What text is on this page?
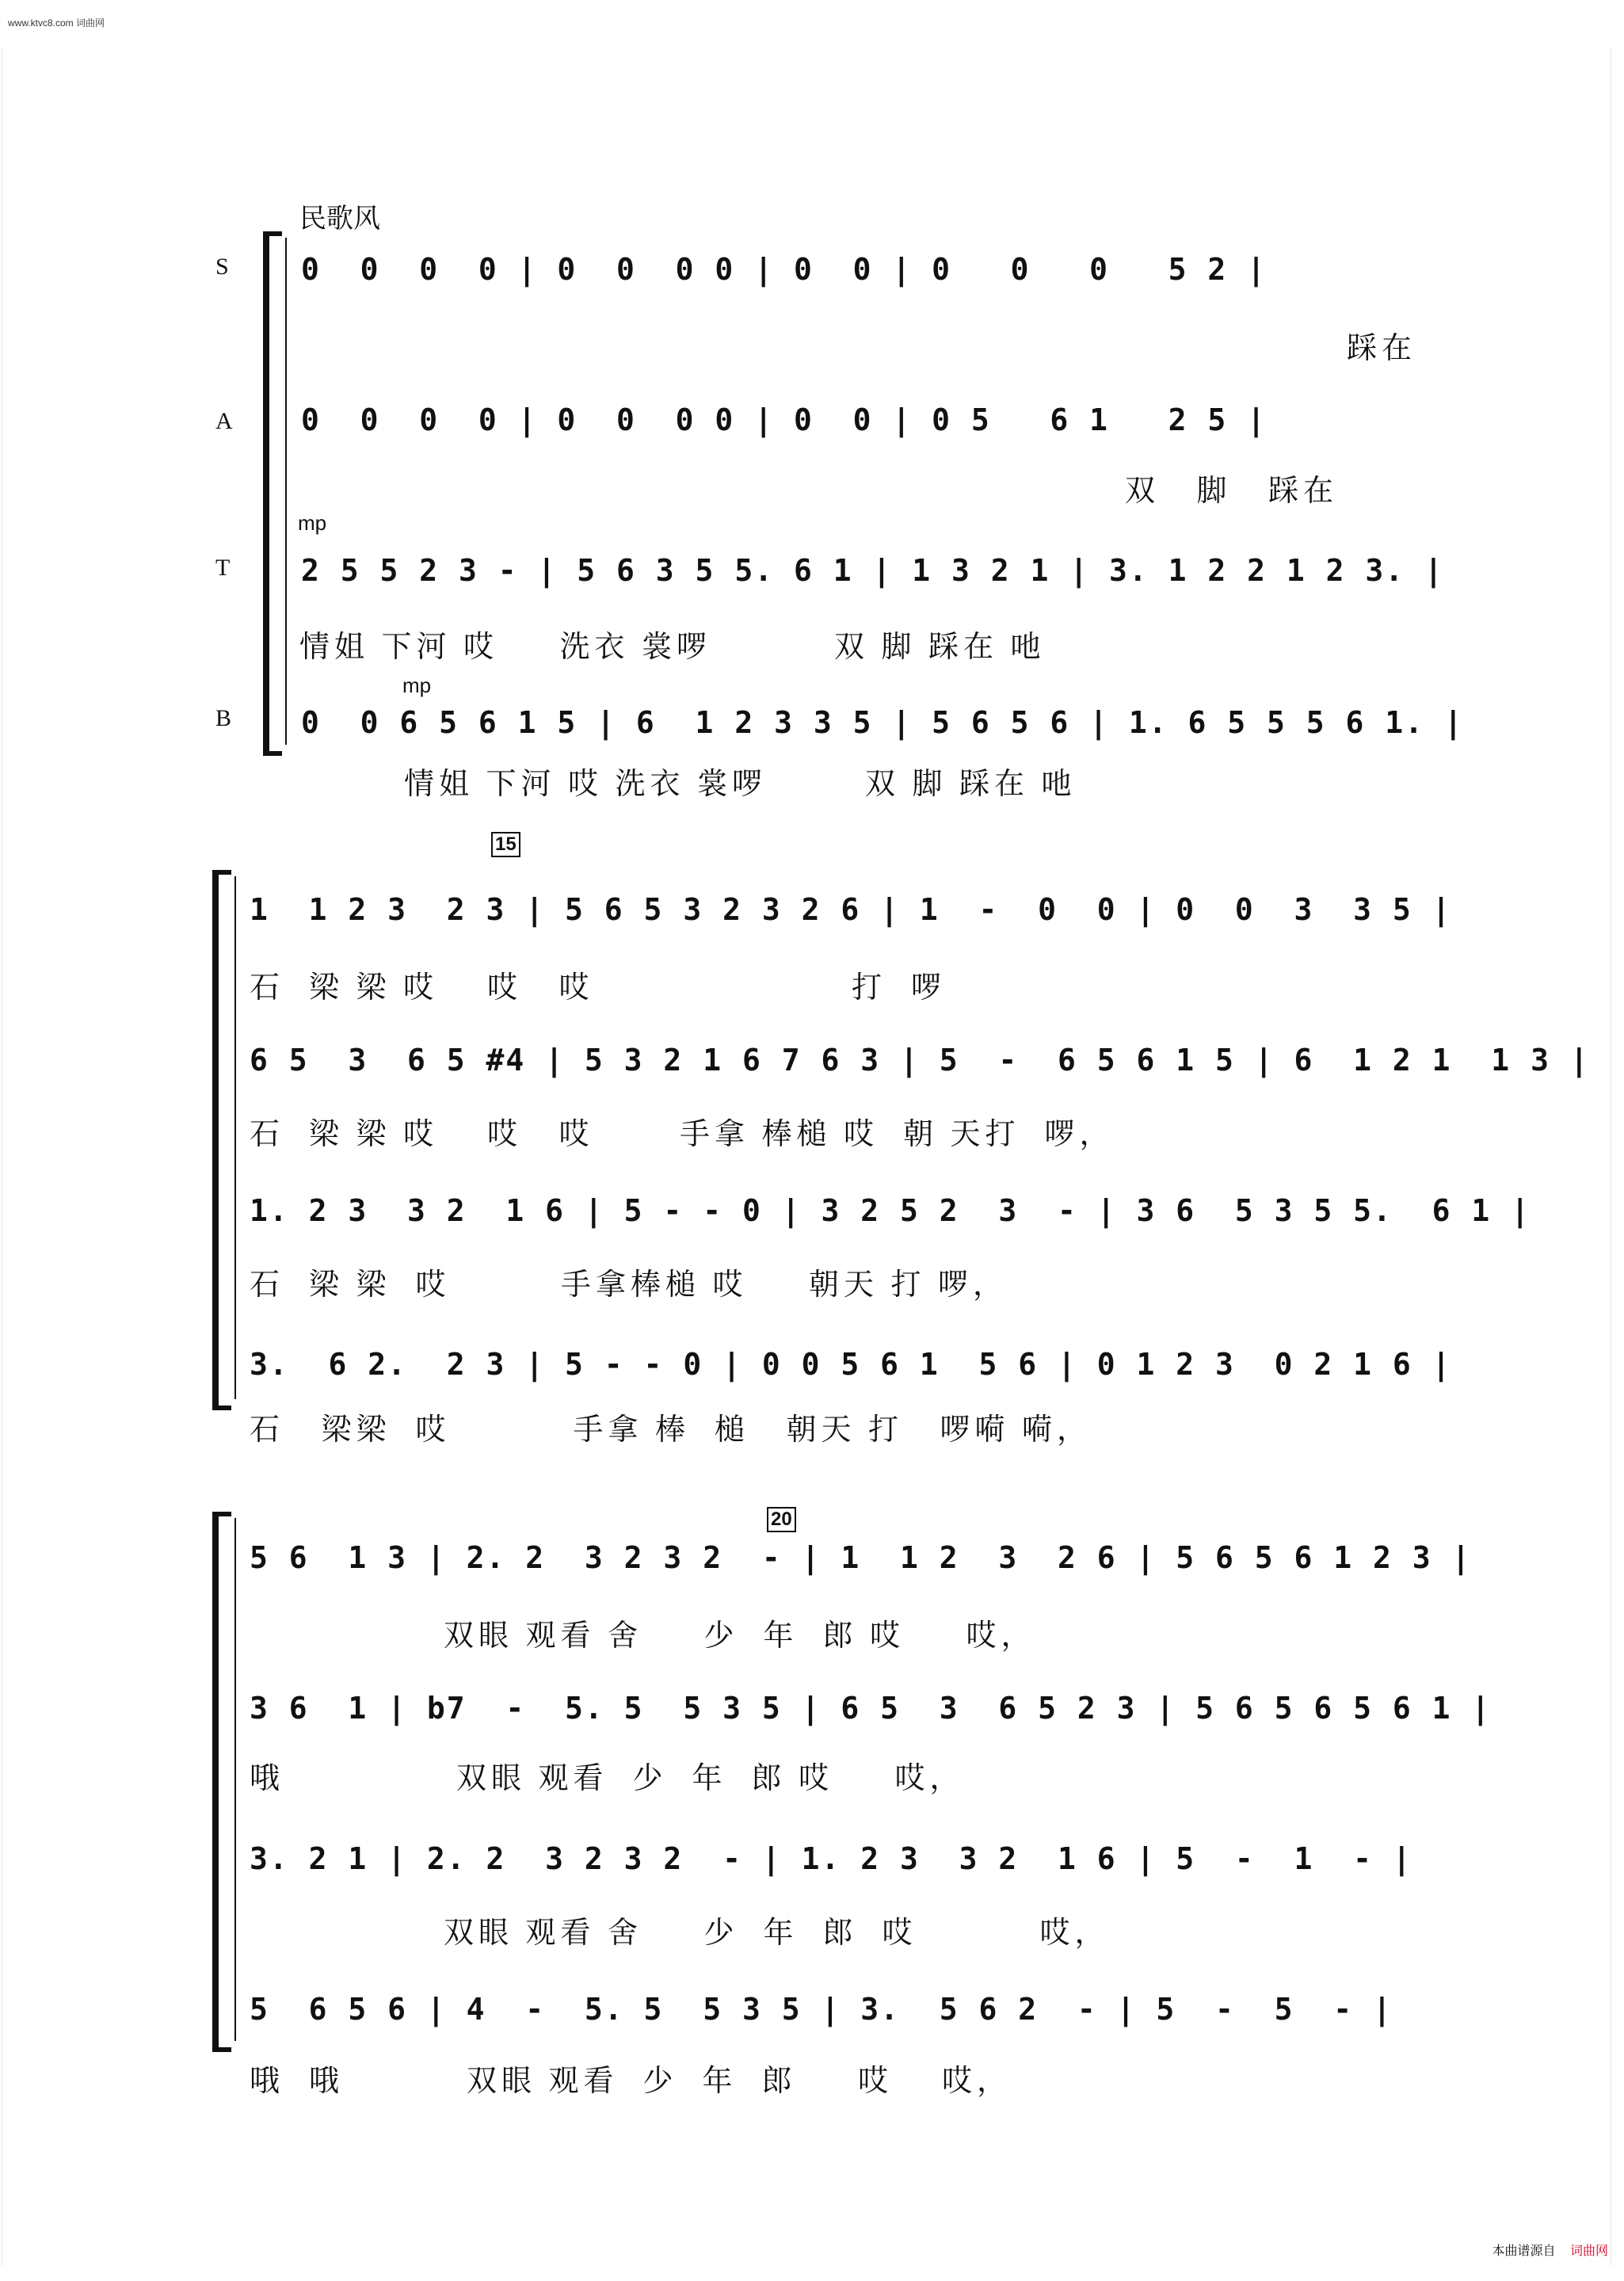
www.ktvc8.com 词曲网
民歌风
S
A
T
B
0  0  0  0 | 0  0  0 0 | 0  0 | 0   0   0   5 2 |
踩在
0  0  0  0 | 0  0  0 0 | 0  0 | 0 5   6 1   2 5 |
双   脚   踩在
mp
2 5 5 2 3 - | 5 6 3 5 5. 6 1 | 1 3 2 1 | 3. 1 2 2 1 2 3. |
情姐 下河 哎     洗衣 裳啰          双 脚 踩在 吔
mp
0  0 6 5 6 1 5 | 6  1 2 3 3 5 | 5 6 5 6 | 1. 6 5 5 5 6 1. |
情姐 下河 哎 洗衣 裳啰        双 脚 踩在 吔
15
1  1 2 3  2 3 | 5 6 5 3 2 3 2 6 | 1  -  0  0 | 0  0  3  3 5 |
石  梁 梁 哎    哎   哎                     打  啰
6 5  3  6 5 #4 | 5 3 2 1 6 7 6 3 | 5  -  6 5 6 1 5 | 6  1 2 1  1 3 |
石  梁 梁 哎    哎   哎       手拿 棒槌 哎  朝 天打  啰，
1. 2 3  3 2  1 6 | 5 - - 0 | 3 2 5 2  3  - | 3 6  5 3 5 5.  6 1 |
石  梁 梁  哎         手拿棒槌 哎     朝天 打 啰，
3.  6 2.  2 3 | 5 - - 0 | 0 0 5 6 1  5 6 | 0 1 2 3  0 2 1 6 |
石   梁梁  哎          手拿 棒  槌   朝天 打   啰嗬 嗬，
20
5 6  1 3 | 2. 2  3 2 3 2  - | 1  1 2  3  2 6 | 5 6 5 6 1 2 3 |
双眼 观看 舍     少  年  郎 哎     哎，
3 6  1 | b7  -  5. 5  5 3 5 | 6 5  3  6 5 2 3 | 5 6 5 6 5 6 1 |
哦              双眼 观看  少  年  郎 哎     哎，
3. 2 1 | 2. 2  3 2 3 2  - | 1. 2 3  3 2  1 6 | 5  -  1  - |
双眼 观看 舍     少  年  郎  哎          哎，
5  6 5 6 | 4  -  5. 5  5 3 5 | 3.  5 6 2  - | 5  -  5  - |
哦  哦          双眼 观看  少  年  郎     哎    哎，
本曲谱源自 词曲网
